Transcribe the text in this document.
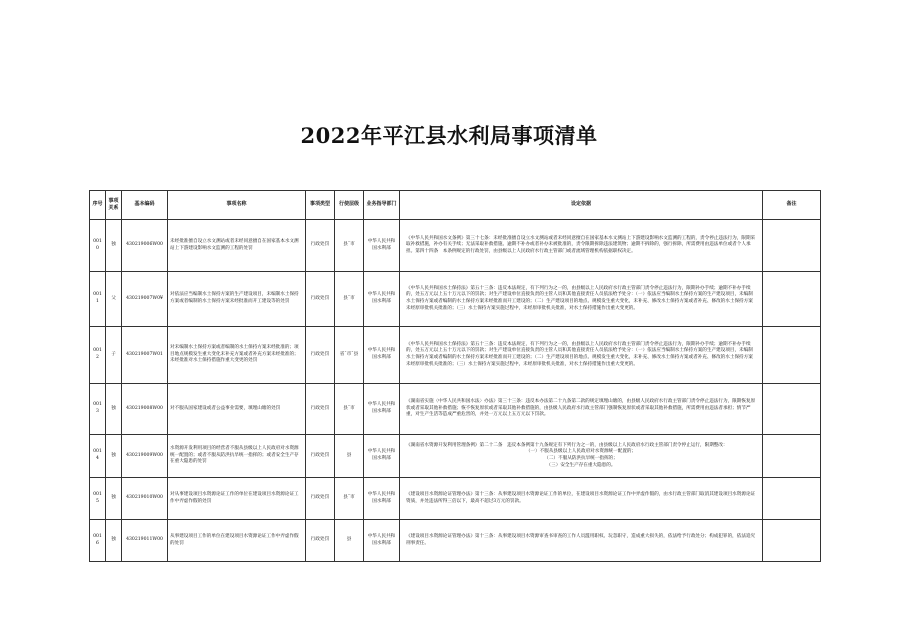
2022年平江县水利局事项清单
序号	事项关系	基本编码	事项名称	事项类型	行使层级	业务指导部门	设定依据	备注
0010	独	430219006W00	未经批准擅自设立水文测站或者未经同意擅自在国家基本水文测站上下游建设影响水文监测的工程的处罚	行政处罚	县¯市	中华人民共和国水利部	《中华人民共和国水文条例》第三十七条：未经批准擅自设立水文测站或者未经同意擅自在国家基本水文测站上下游建设影响水文监测的工程的，责令停止违法行为，限期采取补救措施，补办有关手续；无法采取补救措施、逾期不补办或者补办未被批准的，责令限期拆除违法建筑物；逾期不拆除的，强行拆除，所需费用由违法单位或者个人承担。第四十四条　本条例规定的行政处罚，由县级以上人民政府水行政主管部门或者流域管理机构依据职权决定。	

0011	父	430219007W0¥	对依法应当编制水土保持方案的生产建设项目，未编制水土保持方案或者编制的水土保持方案未经批准而开工建设等的处罚	行政处罚	县¯市	中华人民共和国水利部	《中华人民共和国水土保持法》第五十三条：违反本法规定，有下列行为之一的，由县级以上人民政府水行政主管部门责令停止违法行为，限期补办手续；逾期不补办手续的，处五万元以上五十万元以下的罚款；对生产建设单位直接负责的主管人员和其他直接责任人员依法给予处分：（一）依法应当编制水土保持方案的生产建设项目，未编制水土保持方案或者编制的水土保持方案未经批准而开工建设的；（二）生产建设项目的地点、规模发生重大变化，未补充、修改水土保持方案或者补充、修改的水土保持方案未经原审批机关批准的；（三）水土保持方案实施过程中，未经原审批机关批准，对水土保持措施作出重大变更的。	

0012	子	430219007W01	对未编制水土保持方案或者编制的水土保持方案未经批准的；项目地点规模发生重大变化未补充方案或者补充方案未经批准的；未经批准对水土保持措施作重大变更的处罚	行政处罚	省¯市¯县	中华人民共和国水利部	《中华人民共和国水土保持法》第五十三条：违反本法规定，有下列行为之一的，由县级以上人民政府水行政主管部门责令停止违法行为，限期补办手续；逾期不补办手续的，处五万元以上五十万元以下的罚款；对生产建设单位直接负责的主管人员和其他直接责任人员依法给予处分：（一）依法应当编制水土保持方案的生产建设项目，未编制水土保持方案或者编制的水土保持方案未经批准而开工建设的；（二）生产建设项目的地点、规模发生重大变化，未补充、修改水土保持方案或者补充、修改的水土保持方案未经原审批机关批准的；（三）水土保持方案实施过程中，未经原审批机关批准，对水土保持措施作出重大变更的。	

0013	独	430219008W00	对不服从国家建设或者公益事业需要，填埋山塘的处罚	行政处罚	县¯市	中华人民共和国水利部	《湖南省实施〈中华人民共和国水法〉办法》第三十三条：违反本办法第二十九条第二款的规定填埋山塘的，由县级人民政府水行政主管部门责令停止违法行为，限期恢复原状或者采取其他补救措施；恢不恢复原状或者采取其他补救措施的，由县级人民政府水行政主管部门强制恢复原状或者采取其他补救措施，所需费用由违法者承担；情节严重，对生产生活等造成严重危害的，并处一万元以上五万元以下罚款。	

0014	独	430219009W00	水资源开发利用项目的经营者不服从县级以上人民政府对水资源统一配置的；或者不服从防洪抗旱统一指挥的；或者安全生产存在重大隐患的处罚	行政处罚	县	中华人民共和国水利部	《湖南省水资源开发利用管理条例》第二十二条　违反本条例第十九条规定有下列行为之一的，由县级以上人民政府水行政主管部门责令停止运行，限期整改：
（一）不服从县级以上人民政府对水资源统一配置的；
（二）不服从防洪抗旱统一指挥的；
（三）安全生产存在重大隐患的。	

0015	独	430219010W00	对从事建设项目水资源论证工作的单位在建设项目水资源论证工作中弄虚作假的处罚	行政处罚	县¯市	中华人民共和国水利部	《建设项目水资源论证管理办法》第十三条：从事建设项目水资源论证工作的单位，在建设项目水资源论证工作中弄虚作假的，由水行政主管部门取消其建设项目水资源论证资质，并处违法所得三倍以下，最高不超过3万元的罚款。	

0016	独	430219011W00	从事建设项目工作的单位在建设项目水资源论证工作中弄虚作假的处罚	行政处罚	县	中华人民共和国水利部	《建设项目水资源论证管理办法》第十三条：从事建设项目水资源审查书审查的工作人员滥用职权、玩忽职守，造成重大损失的，依法给予行政处分；构成犯罪的，依法追究刑事责任。	
